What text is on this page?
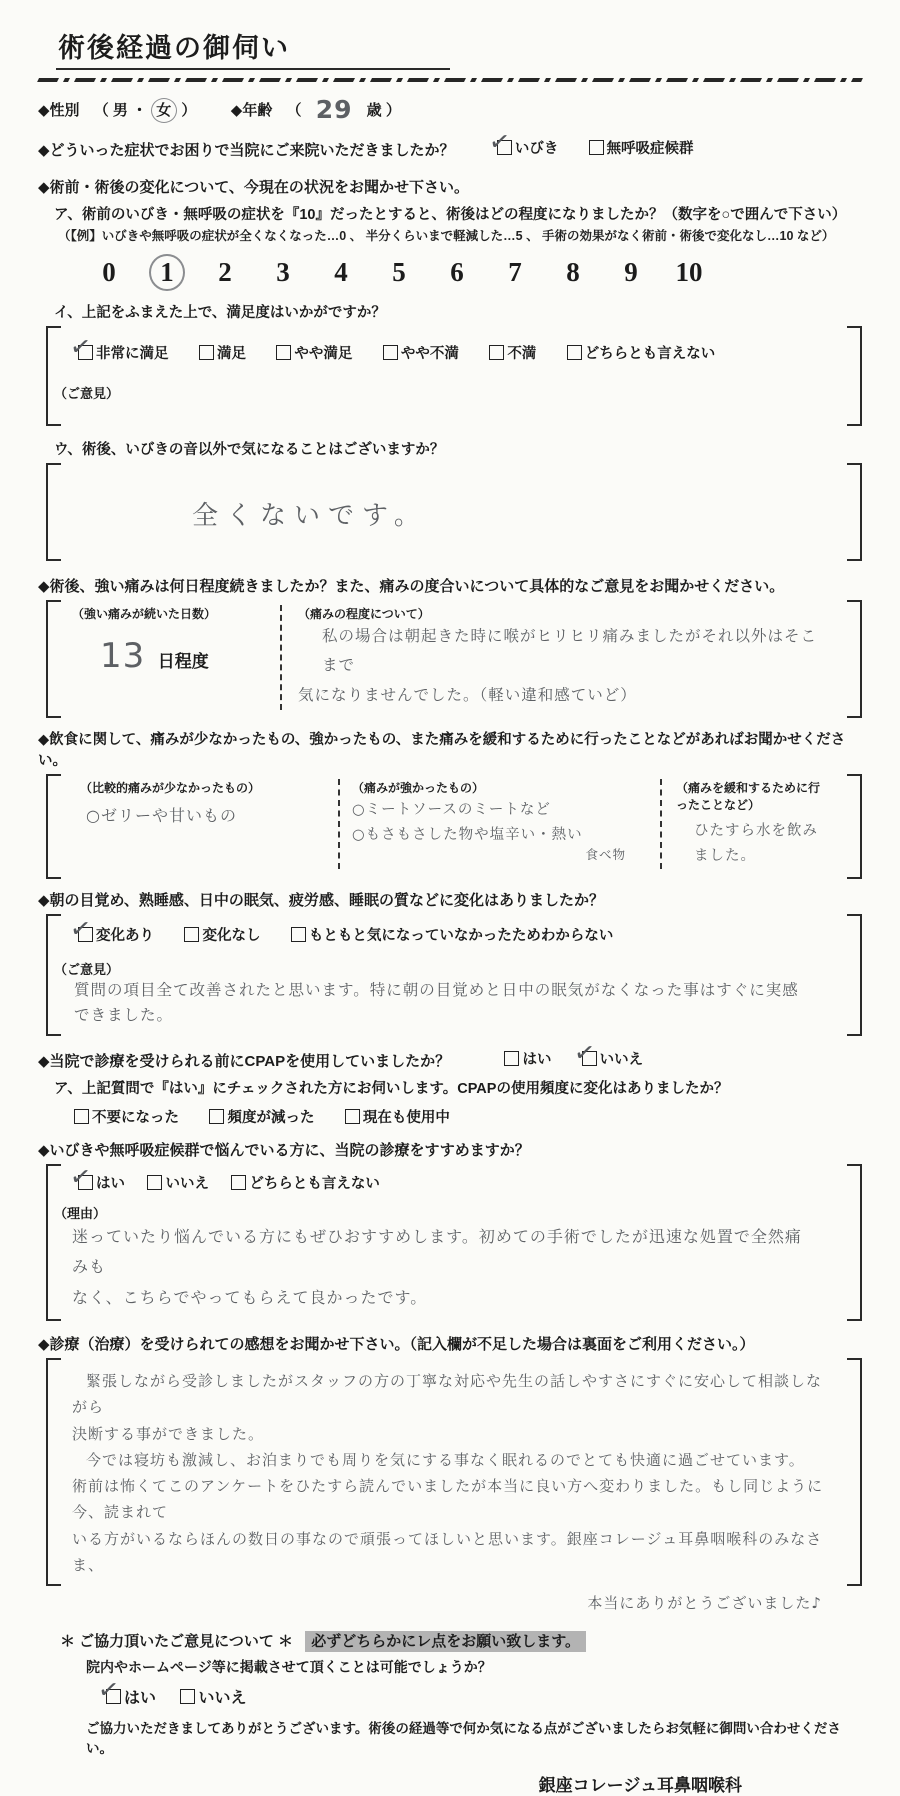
術後経過の御伺い
◆性別 （ 男 ・ 女 ） ◆年齢 （ 29 歳 ）
◆どういった症状でお困りで当院にご来院いただきましたか？ ✓ いびき
	無呼吸症候群
◆術前・術後の変化について、今現在の状況をお聞かせ下さい。
ア、術前のいびき・無呼吸の症状を『10』だったとすると、術後はどの程度になりましたか？（数字を○で囲んで下さい）
（【例】いびきや無呼吸の症状が全くなくなった…0 、 半分くらいまで軽減した…5 、 手術の効果がなく術前・術後で変化なし…10 など）
0	1	2	3	4	5	6	7	8	9	10
イ、上記をふまえた上で、満足度はいかがですか？
✓ 非常に満足
	満足
	やや満足
	やや不満
	不満
	どちらとも言えない
（ご意見）
ウ、術後、いびきの音以外で気になることはございますか？
全くないです。
◆術後、強い痛みは何日程度続きましたか？また、痛みの度合いについて具体的なご意見をお聞かせください。
（強い痛みが続いた日数）
13 日程度
（痛みの程度について）
私の場合は朝起きた時に喉がヒリヒリ痛みましたがそれ以外はそこまで
気になりませんでした。（軽い違和感ていど）
◆飲食に関して、痛みが少なかったもの、強かったもの、また痛みを緩和するために行ったことなどがあればお聞かせください。
（比較的痛みが少なかったもの）
○ゼリーや甘いもの
（痛みが強かったもの）
○ミートソースのミートなど
○もさもさした物や塩辛い・熱い
食べ物
（痛みを緩和するために行ったことなど）
ひたすら水を飲みました。
◆朝の目覚め、熟睡感、日中の眠気、疲労感、睡眠の質などに変化はありましたか？
✓ 変化あり
	変化なし
	もともと気になっていなかったためわからない
$^{(ご意見)}$ 質問の項目全て改善されたと思います。特に朝の目覚めと日中の眠気がなくなった事はすぐに実感できました。
◆当院で診療を受けられる前にCPAPを使用していましたか？	はい
✓ いいえ
ア、上記質問で『はい』にチェックされた方にお伺いします。CPAPの使用頻度に変化はありましたか？
不要になった
	頻度が減った
	現在も使用中
◆いびきや無呼吸症候群で悩んでいる方に、当院の診療をすすめますか？
✓ はい
	いいえ
	どちらとも言えない
$^{(理由)}$
迷っていたり悩んでいる方にもぜひおすすめします。初めての手術でしたが迅速な処置で全然痛みも
なく、こちらでやってもらえて良かったです。
◆診療（治療）を受けられての感想をお聞かせ下さい。（記入欄が不足した場合は裏面をご利用ください。）
緊張しながら受診しましたがスタッフの方の丁寧な対応や先生の話しやすさにすぐに安心して相談しながら
決断する事ができました。
今では寝坊も激減し、お泊まりでも周りを気にする事なく眠れるのでとても快適に過ごせています。
術前は怖くてこのアンケートをひたすら読んでいましたが本当に良い方へ変わりました。もし同じように今、読まれて
いる方がいるならほんの数日の事なので頑張ってほしいと思います。銀座コレージュ耳鼻咽喉科のみなさま、
本当にありがとうございました♪
＊ ご協力頂いたご意見について ＊ 必ずどちらかにレ点をお願い致します。
院内やホームページ等に掲載させて頂くことは可能でしょうか？
✓ はい
	いいえ
ご協力いただきましてありがとうございます。術後の経過等で何か気になる点がございましたらお気軽に御問い合わせください。
銀座コレージュ耳鼻咽喉科
